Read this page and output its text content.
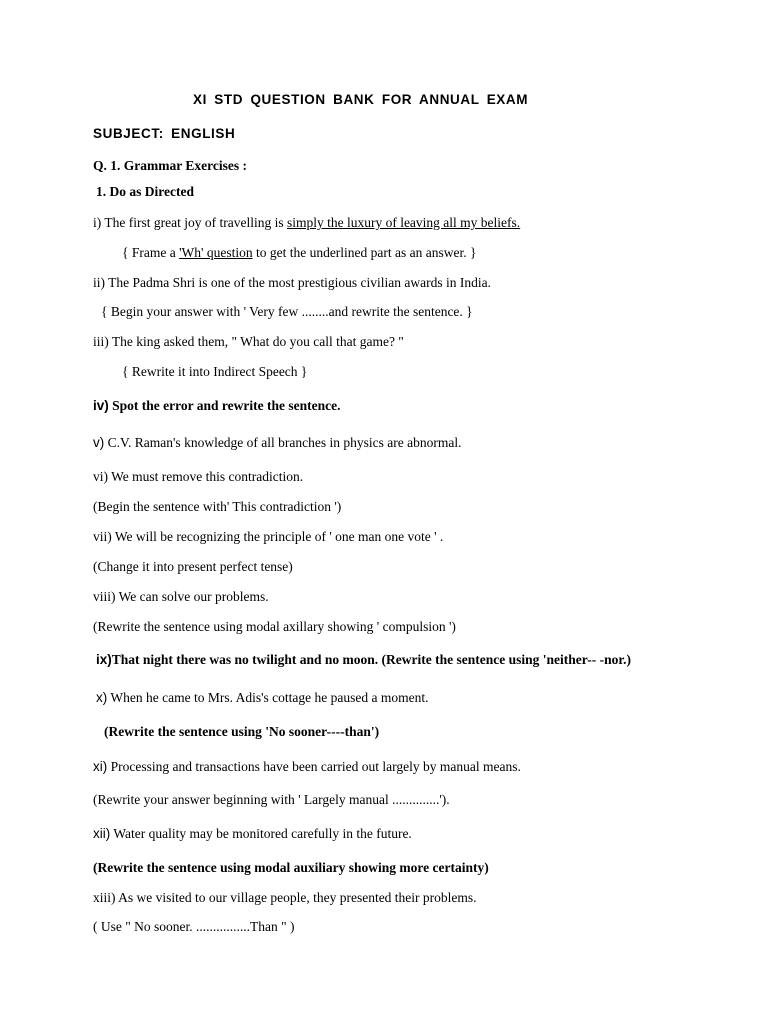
XI STD QUESTION BANK FOR ANNUAL EXAM
SUBJECT: ENGLISH
Q. 1. Grammar Exercises :
1. Do as Directed
i) The first great joy of travelling is simply the luxury of leaving all my beliefs.
{ Frame a 'Wh' question to get the underlined part as an answer. }
ii) The Padma Shri is one of the most prestigious civilian awards in India.
{ Begin your answer with ' Very few ........and rewrite the sentence. }
iii) The king asked them, " What do you call that game? "
{ Rewrite it into Indirect Speech }
iv) Spot the error and rewrite the sentence.
v) C.V. Raman's knowledge of all branches in physics are abnormal.
vi) We must remove this contradiction.
(Begin the sentence with' This contradiction ')
vii) We will be recognizing the principle of ' one man one vote ' .
(Change it into present perfect tense)
viii) We can solve our problems.
(Rewrite the sentence using modal axillary showing ' compulsion ')
ix)That night there was no twilight and no moon. (Rewrite the sentence using 'neither-- -nor.)
x) When he came to Mrs. Adis's cottage he paused a moment.
(Rewrite the sentence using 'No sooner----than')
xi) Processing and transactions have been carried out largely by manual means.
(Rewrite your answer beginning with ' Largely manual ..............').
xii) Water quality may be monitored carefully in the future.
(Rewrite the sentence using modal auxiliary showing more certainty)
xiii) As we visited to our village people, they presented their problems.
( Use " No sooner. ................Than " )
